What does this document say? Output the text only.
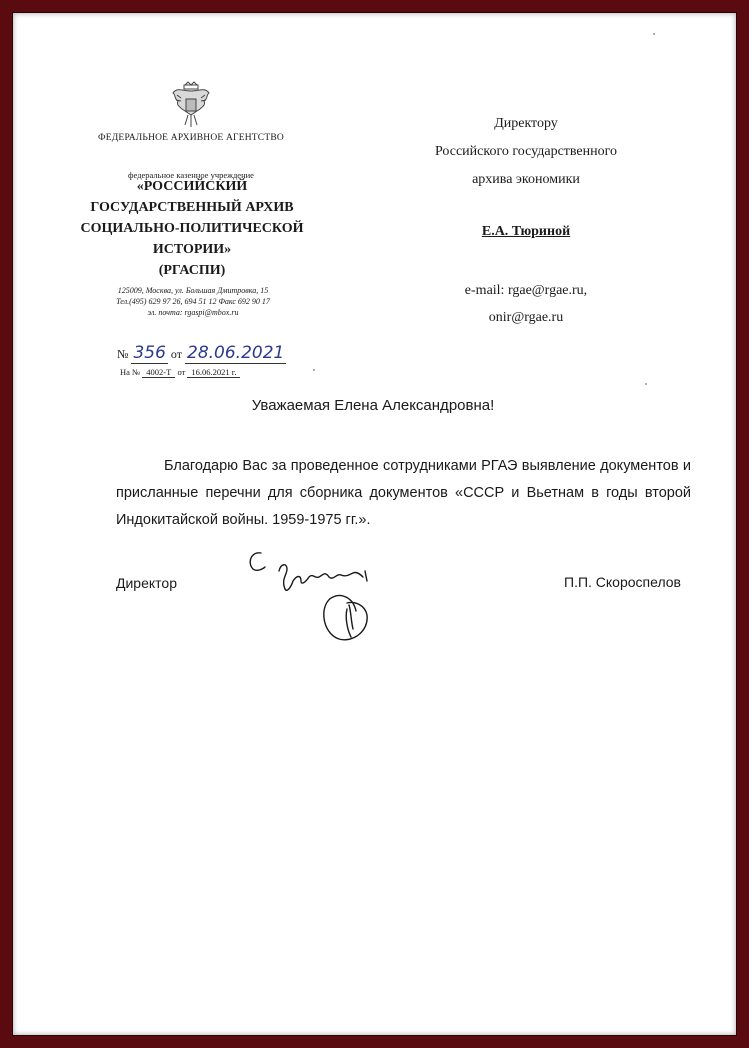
ФЕДЕРАЛЬНОЕ АРХИВНОЕ АГЕНТСТВО
федеральное казенное учреждение
«РОССИЙСКИЙ
ГОСУДАРСТВЕННЫЙ АРХИВ
СОЦИАЛЬНО-ПОЛИТИЧЕСКОЙ
ИСТОРИИ»
(РГАСПИ)
125009, Москва, ул. Большая Дмитровка, 15
Тел.(495) 629 97 26, 694 51 12 Факс 692 90 17
эл. почта: rgaspi@mbox.ru
№ 356 от 28.06.2021
На № 4002-Т от 16.06.2021 г.
Директору
Российского государственного
архива экономики
Е.А. Тюриной
e-mail: rgae@rgae.ru,
onir@rgae.ru
Уважаемая Елена Александровна!
Благодарю Вас за проведенное сотрудниками РГАЭ выявление документов и присланные перечни для сборника документов «СССР и Вьетнам в годы второй Индокитайской войны. 1959-1975 гг.».
Директор	П.П. Скороспелов
